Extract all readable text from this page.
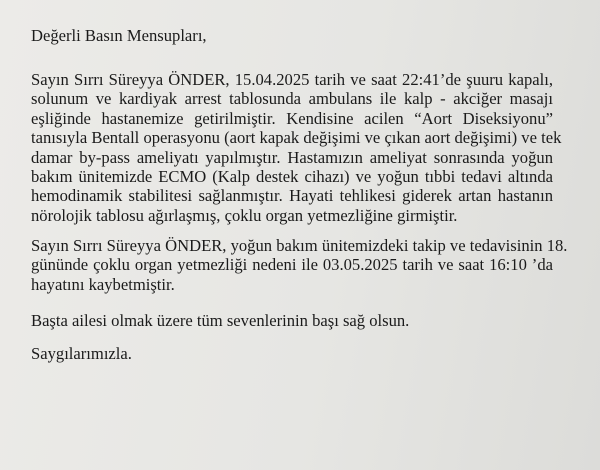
Değerli Basın Mensupları,

Sayın Sırrı Süreyya ÖNDER, 15.04.2025 tarih ve saat 22:41’de şuuru kapalı,
solunum ve kardiyak arrest tablosunda ambulans ile kalp - akciğer masajı
eşliğinde hastanemize getirilmiştir. Kendisine acilen “Aort Diseksiyonu”
tanısıyla Bentall operasyonu (aort kapak değişimi ve çıkan aort değişimi) ve tek
damar by-pass ameliyatı yapılmıştır. Hastamızın ameliyat sonrasında yoğun
bakım ünitemizde ECMO (Kalp destek cihazı) ve yoğun tıbbi tedavi altında
hemodinamik stabilitesi sağlanmıştır. Hayati tehlikesi giderek artan hastanın
nörolojik tablosu ağırlaşmış, çoklu organ yetmezliğine girmiştir.
Sayın Sırrı Süreyya ÖNDER, yoğun bakım ünitemizdeki takip ve tedavisinin 18.
gününde çoklu organ yetmezliği nedeni ile 03.05.2025 tarih ve saat 16:10 ’da
hayatını kaybetmiştir.
Başta ailesi olmak üzere tüm sevenlerinin başı sağ olsun.
Saygılarımızla.
